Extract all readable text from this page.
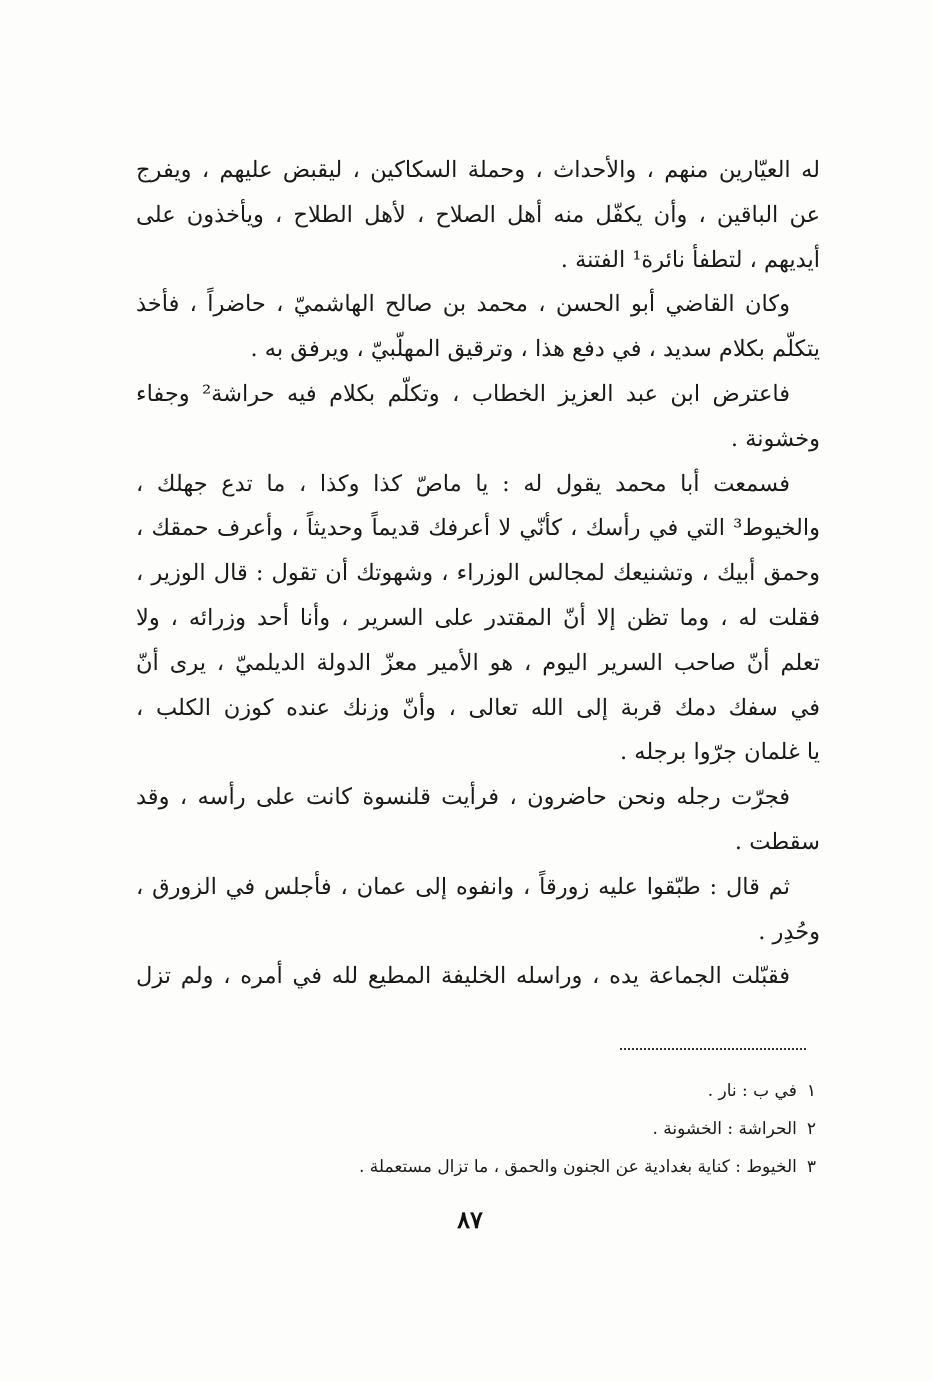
له العيّارين منهم ، والأحداث ، وحملة السكاكين ، ليقبض عليهم ، ويفرج
عن الباقين ، وأن يكفّل منه أهل الصلاح ، لأهل الطلاح ، ويأخذون على
أيديهم ، لتطفأ نائرة¹ الفتنة .
وكان القاضي أبو الحسن ، محمد بن صالح الهاشميّ ، حاضراً ، فأخذ
يتكلّم بكلام سديد ، في دفع هذا ، وترقيق المهلّبيّ ، ويرفق به .
فاعترض ابن عبد العزيز الخطاب ، وتكلّم بكلام فيه حراشة² وجفاء
وخشونة .
فسمعت أبا محمد يقول له : يا ماصّ كذا وكذا ، ما تدع جهلك ،
والخيوط³ التي في رأسك ، كأنّي لا أعرفك قديماً وحديثاً ، وأعرف حمقك ،
وحمق أبيك ، وتشنيعك لمجالس الوزراء ، وشهوتك أن تقول : قال الوزير ،
فقلت له ، وما تظن إلا أنّ المقتدر على السرير ، وأنا أحد وزرائه ، ولا
تعلم أنّ صاحب السرير اليوم ، هو الأمير معزّ الدولة الديلميّ ، يرى أنّ
في سفك دمك قربة إلى الله تعالى ، وأنّ وزنك عنده كوزن الكلب ،
يا غلمان جرّوا برجله .
فجرّت رجله ونحن حاضرون ، فرأيت قلنسوة كانت على رأسه ، وقد
سقطت .
ثم قال : طبّقوا عليه زورقاً ، وانفوه إلى عمان ، فأجلس في الزورق ،
وحُدِر .
فقبّلت الجماعة يده ، وراسله الخليفة المطيع لله في أمره ، ولم تزل
١في ب : نار .
٢الحراشة : الخشونة .
٣الخيوط : كناية بغدادية عن الجنون والحمق ، ما تزال مستعملة .
٨٧
